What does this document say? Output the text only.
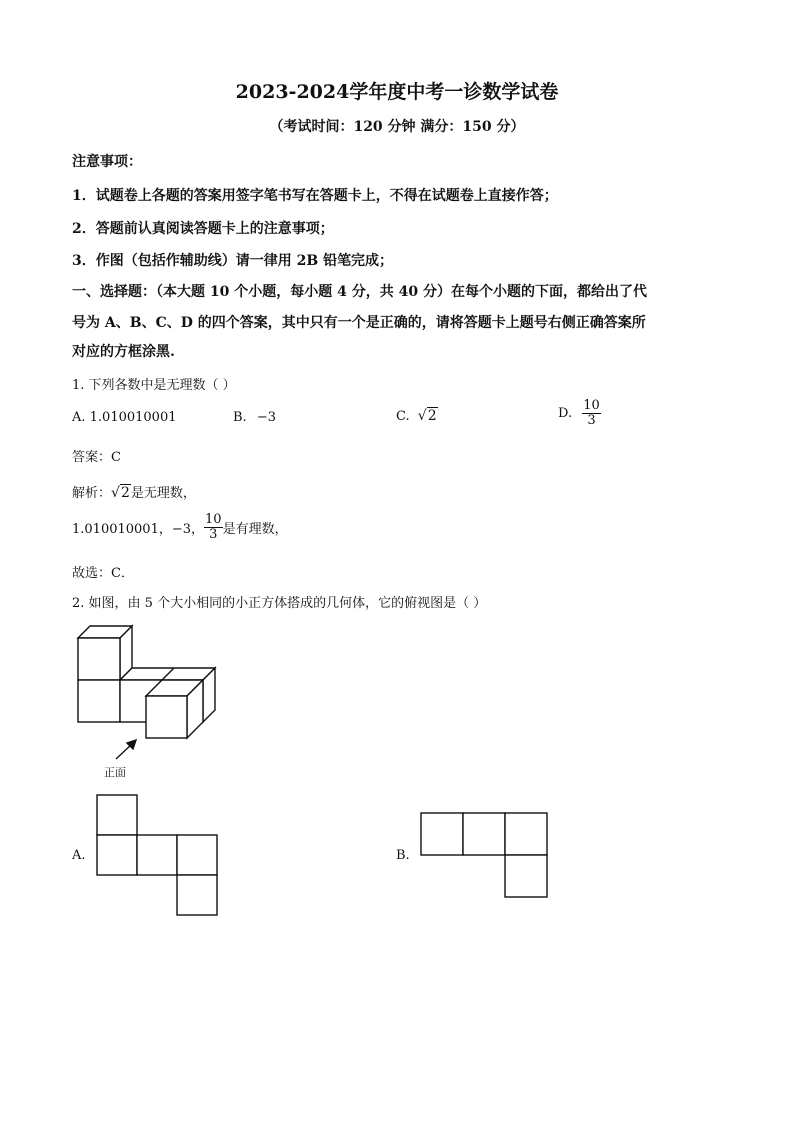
2023-2024学年度中考一诊数学试卷
（考试时间：120 分钟 满分：150 分）
注意事项：
1．试题卷上各题的答案用签字笔书写在答题卡上，不得在试题卷上直接作答；
2．答题前认真阅读答题卡上的注意事项；
3．作图（包括作辅助线）请一律用 2B 铅笔完成；
一、选择题：（本大题 10 个小题，每小题 4 分，共 40 分）在每个小题的下面，都给出了代
号为 A、B、C、D 的四个答案，其中只有一个是正确的，请将答题卡上题号右侧正确答案所
对应的方框涂黑.
1. 下列各数中是无理数（ ）
A. 1.010010001	B. −3	C. √2	D. $\frac{10}{3}$
答案：C
解析：√2是无理数，
1.010010001，−3， $\frac{10}{3}$ 是有理数，
故选：C．
2. 如图，由 5 个大小相同的小正方体搭成的几何体，它的俯视图是（ ）
正面
A.	B.
